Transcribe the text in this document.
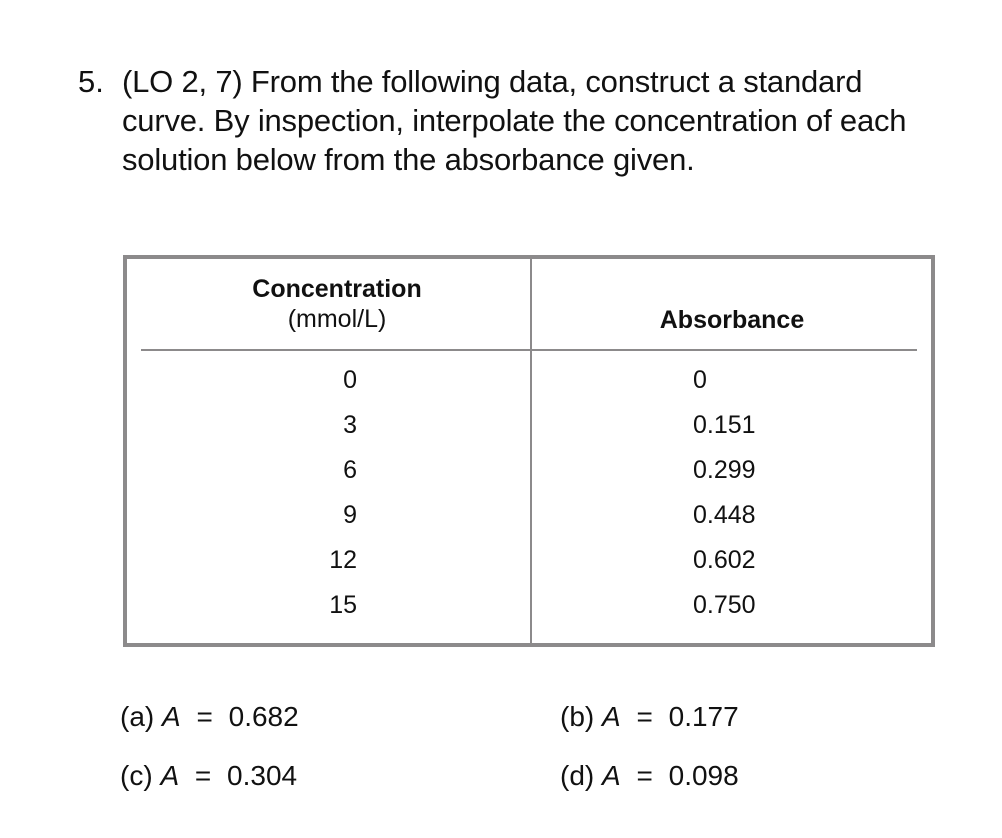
5. (LO 2, 7) From the following data, construct a standard curve. By inspection, interpolate the concentration of each solution below from the absorbance given.
Concentration
(mmol/L)	Absorbance
0	0
3	0.151
6	0.299
9	0.448
12	0.602
15	0.750
(a) A = 0.682	(b) A = 0.177
(c) A = 0.304	(d) A = 0.098
